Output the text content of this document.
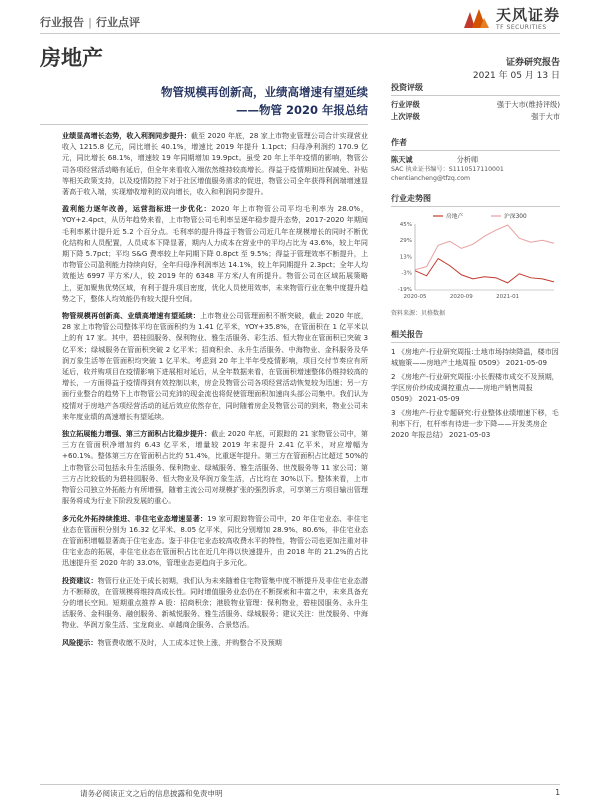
行业报告 | 行业点评	天风证券
TF SECURITIES
房地产	证券研究报告
2021 年 05 月 13 日
物管规模再创新高，业绩高增速有望延续
——物管 2020 年报总结

业绩显高增长态势，收入利润同步提升：截至 2020 年底，28 家上市物业管理公司合计实现营业收入 1215.8 亿元，同比增长 40.1%，增速比 2019 年提升 1.1pct；归母净利润约 170.9 亿元，同比增长 68.1%，增速较 19 年同期增加 19.9pct。虽受 20 年上半年疫情的影响，物管公司各项经营活动略有延后，但全年来看收入端依然维持较高增长。得益于疫情期间社保减免、补贴等相关政策支持，以及疫情防控下对于社区增值服务需求的促进，物管公司全年获得利润端增速显著高于收入端，实现增收增利的双向增长，收入和利润同步提升。

盈利能力逐年改善，运营指标进一步优化：2020 年上市物管公司平均毛利率为 28.0%，YOY+2.4pct，从历年趋势来看，上市物管公司毛利率呈逐年稳步提升态势，2017-2020 年期间毛利率累计提升近 5.2 个百分点。毛利率的提升得益于物管公司近几年在规模增长的同时不断优化结构和人员配置，人员成本下降显著，期内人力成本在营业中的平均占比为 43.6%，较上年同期下降 5.7pct；平均 S&G 费率较上年同期下降 0.8pct 至 9.5%；得益于管理效率不断提升，上市物管公司盈利能力持续向好，全年归母净利润率达 14.1%，较上年同期提升 2.3pct；全年人均效能达 6997 平方米/人，较 2019 年的 6348 平方米/人有所提升。物管公司在区域拓展策略上，更加聚焦优势区域，有利于提升项目密度，优化人员使用效率，未来物管行业在集中度提升趋势之下，整体人均效能仍有较大提升空间。

物管规模再创新高、业绩高增速有望延续：上市物业公司管理面积不断突破，截止 2020 年底，28 家上市物管公司整体平均在管面积约为 1.41 亿平米，YOY+35.8%，在管面积在 1 亿平米以上的有 17 家。其中，碧桂园服务、保利物业、雅生活服务、彩生活、恒大物业在管面积已突破 3 亿平米；绿城服务在管面积突破 2 亿平米；招商积余、永升生活服务、中海物业、金科服务及华润万象生活等在管面积均突破 1 亿平米。考虑到 20 年上半年受疫情影响，项目交付节奏应有所延后，收并购项目在疫情影响下进展相对延后，从全年数据来看，在管面积增速整体仍维持较高的增长，一方面得益于疫情得到有效控制以来，房企及物管公司各项经营活动恢复较为迅速；另一方面行业整合的趋势下上市物管公司充沛的现金流也将促使管理面积加速向头部公司集中。我们认为疫情对于房地产各项经营活动的延后效应依然存在，同时随着房企及物管公司的到来，物业公司未来年度业绩的高速增长有望延续。

独立拓展能力增强、第三方面积占比稳步提升：截止 2020 年底，可跟踪的 21 家物管公司中，第三方在管面积净增加约 6.43 亿平米，增量较 2019 年末提升 2.41 亿平米，对应增幅为+60.1%。整体第三方在管面积占比约 51.4%，比重逐年提升。第三方在管面积占比超过 50%的上市物管公司包括永升生活服务、保利物业、绿城服务、雅生活服务、世茂服务等 11 家公司；第三方占比较低的为碧桂园服务、恒大物业及华润万象生活，占比均在 30%以下。整体来看，上市物管公司独立外拓能力有所增强，随着主流公司对规模扩张的强烈诉求，可享第三方项目输出管理服务将成为行业下阶段发展的重心。

多元化外拓持续推进、非住宅业态增速显著：19 家可跟踪物管公司中，20 年住宅业态、非住宅业态在管面积分别为 16.32 亿平米、8.05 亿平米，同比分别增加 28.9%、80.6%，非住宅业态在管面积增幅显著高于住宅业态。鉴于非住宅业态较高收费水平的特性，物管公司也更加注重对非住宅业态的拓展，非住宅业态在管面积占比在近几年得以快速提升，由 2018 年的 21.2%的占比迅速提升至 2020 年的 33.0%，管理业态更趋向于多元化。

投资建议：物管行业正处于成长初期，我们认为未来随着住宅物管集中度不断提升及非住宅业态潜力不断释放，在管规模将维持高成长性。同时增值服务业态仍在不断探索和丰富之中，未来具备充分的增长空间。短期重点推荐 A 股：招商积余；港股物业管理：保利物业，碧桂园服务、永升生活服务、金科服务、融创服务、新城悦服务、雅生活服务、绿城服务；建议关注：世茂服务、中海物业、华润万象生活、宝龙商业、卓越商企服务、合景悠活。

风险提示：物管费收缴不及时，人工成本过快上涨，并购整合不及预期

投资评级
行业评级	强于大市(维持评级)
上次评级	强于大市
作者
陈天诚	分析师
SAC 执业证书编号：S1110517110001
chentiancheng@tfzq.com
行业走势图
45%
29%
13%
-3%
-19%
2020-05	2020-09	2021-01
房地产	沪深300
资料来源：贝格数据
相关报告
1 《房地产-行业研究周报:土地市场持续降温，楼市因城施策——房地产土地周报 0509》 2021-05-09
2 《房地产-行业研究周报:小长假楼市成交不及预期，学区房价炒成成调控重点——房地产销售周报 0509》 2021-05-09
3 《房地产-行业专题研究:行业整体业绩增速下移，毛利率下行，杠杆率有待进一步下降——开发类房企 2020 年报总结》 2021-05-03
请务必阅读正文之后的信息披露和免责申明	1
